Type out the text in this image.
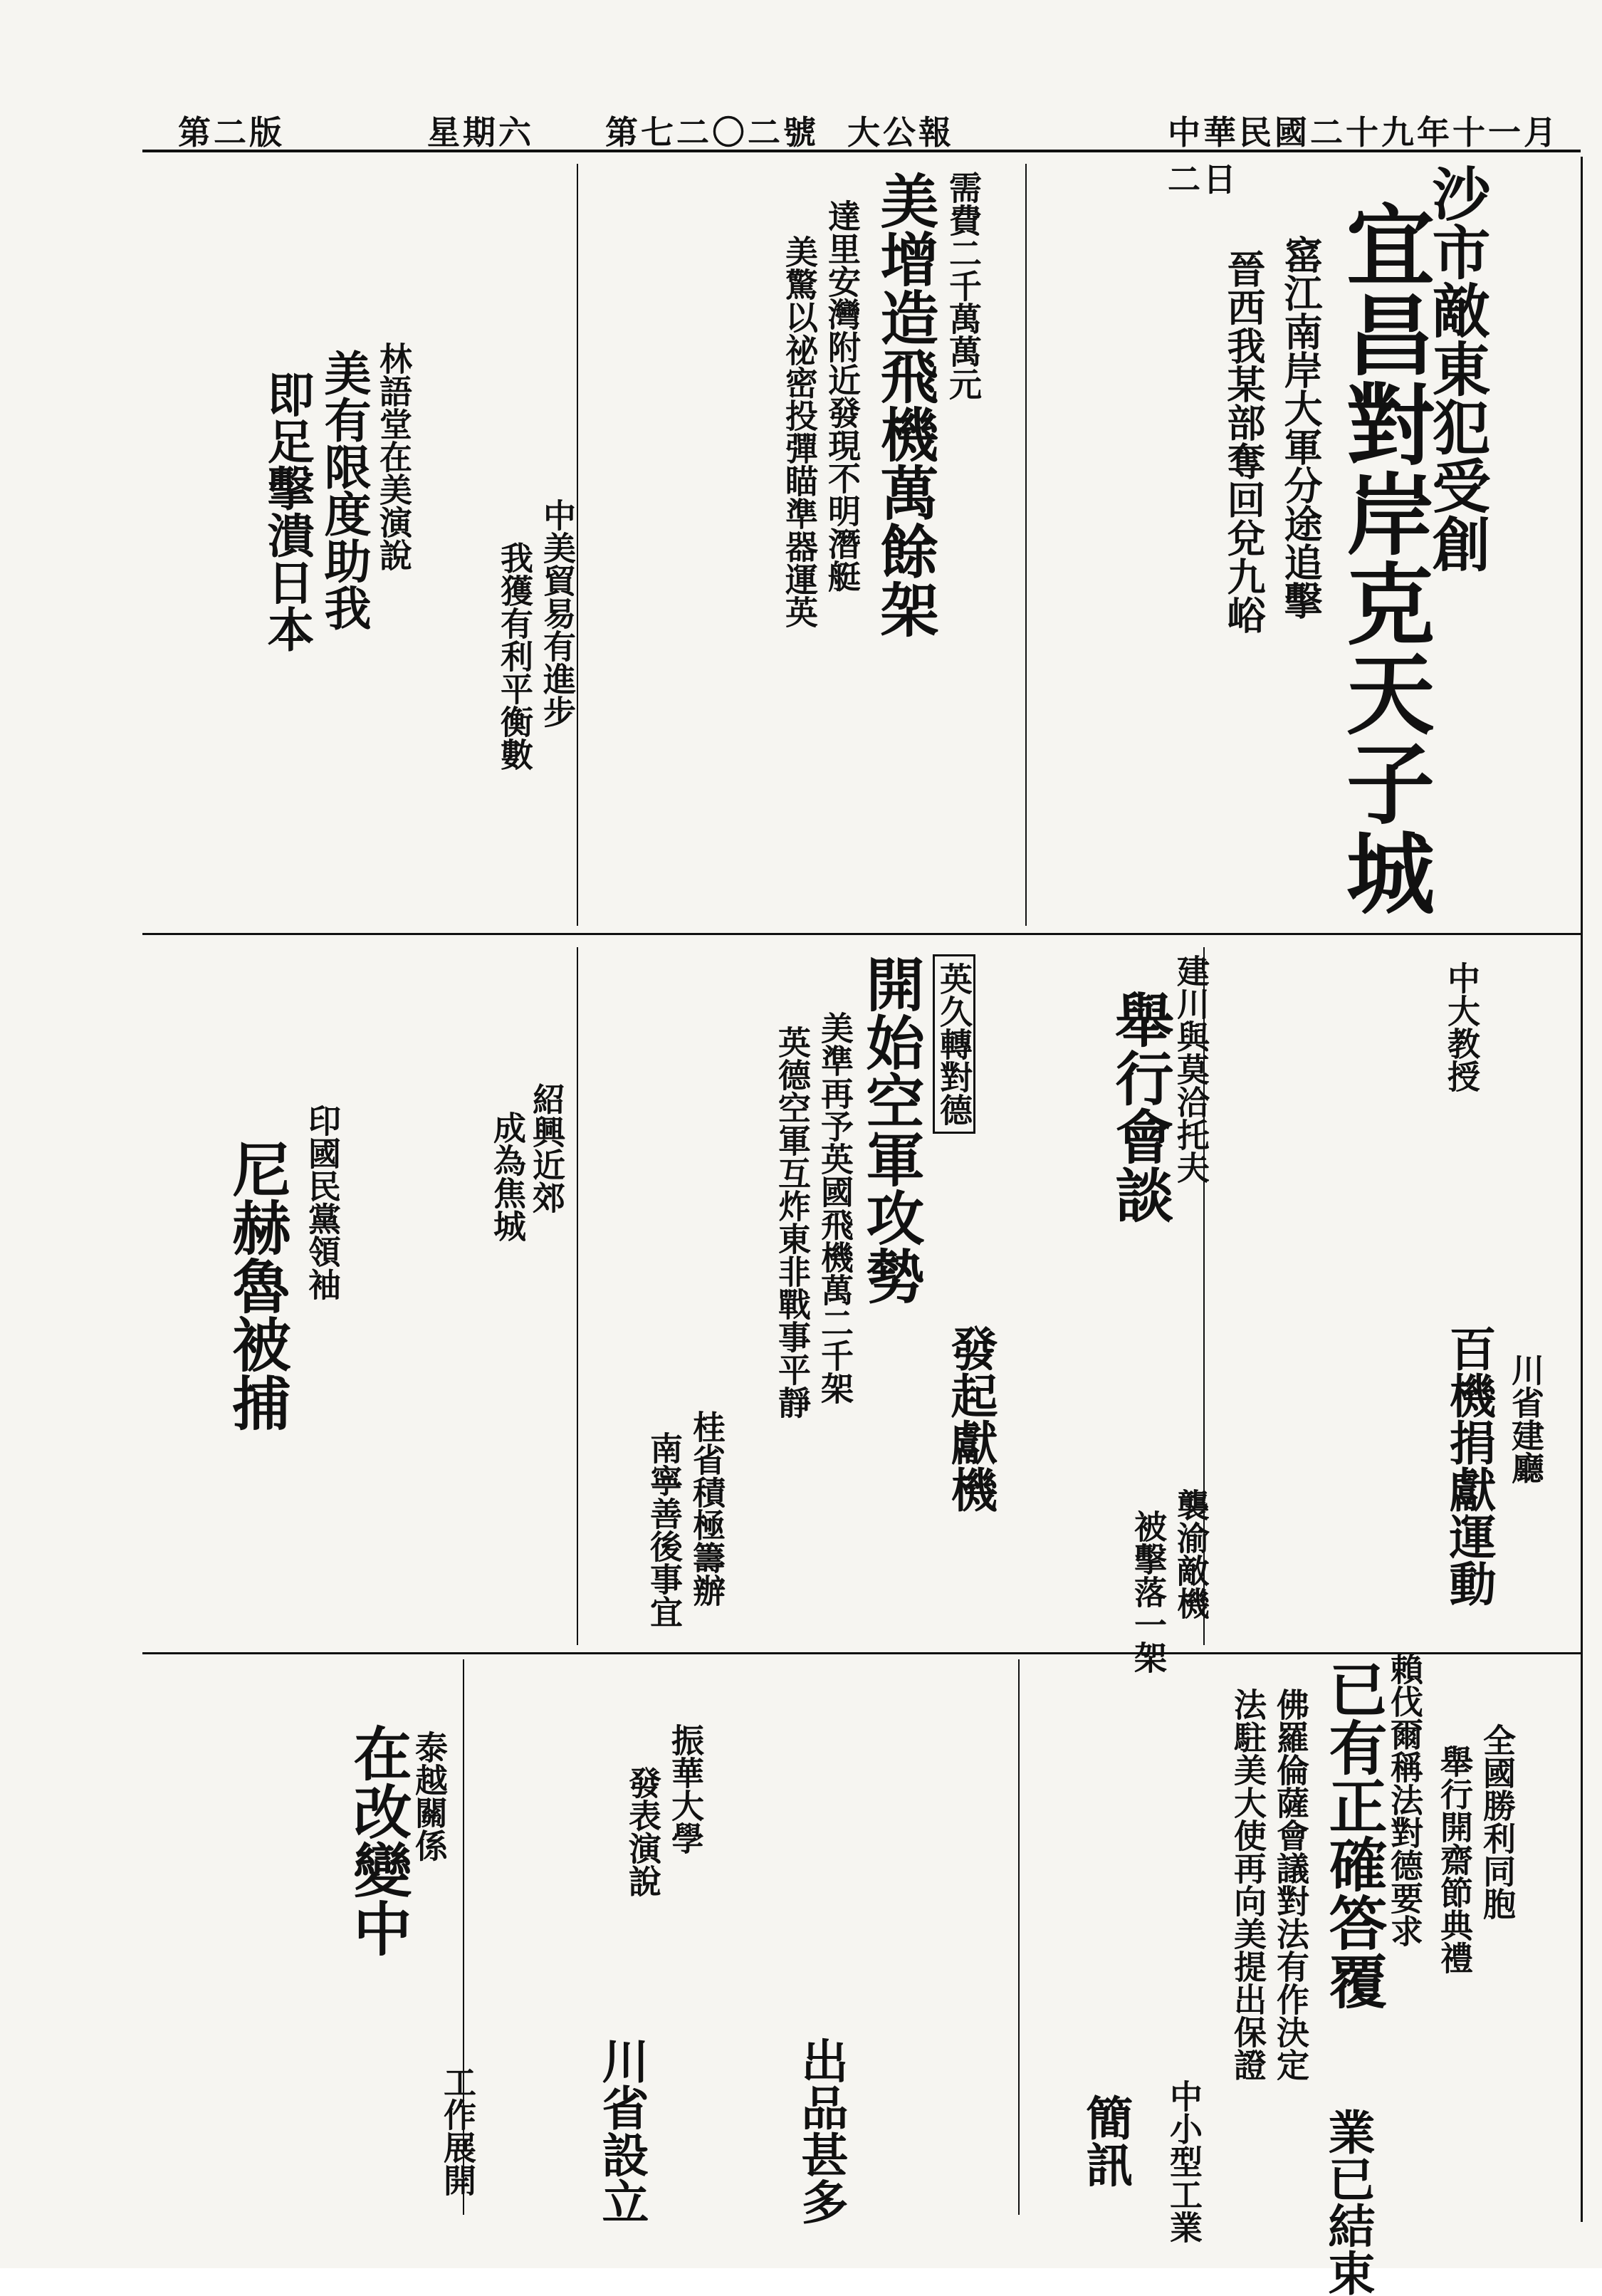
第二版	星期六 第七二〇二號 大公報	中華民國二十九年十一月二日	沙市敵東犯受創
宜昌對岸克天子城
窰江南岸大軍分途追擊
晉西我某部奪回兌九峪
需費二千萬萬元
美增造飛機萬餘架
達里安灣附近發現不明潛艇
美驚以祕密投彈瞄準器運英
中美貿易有進步
我獲有利平衡數
林語堂在美演說
美有限度助我
即足擊潰日本
中大教授
建川與莫洽托夫
舉行會談
英久轉對德
開始空軍攻勢
美準再予英國飛機萬二千架
英德空軍互炸東非戰事平靜
紹興近郊
成為焦城
印國民黨領袖
尼赫魯被捕	川省建廳
百機捐獻運動
襲渝敵機
被擊落一架
發起獻機
桂省積極籌辦
南寧善後事宜
全國勝利同胞
舉行開齋節典禮
賴伐爾稱法對德要求
已有正確答覆
佛羅倫薩會議對法有作決定
法駐美大使再向美提出保證
振華大學
發表演說
泰越關係
在改變中
中小型工業 業已結束
簡訊
出品甚多
川省設立
工作展開
